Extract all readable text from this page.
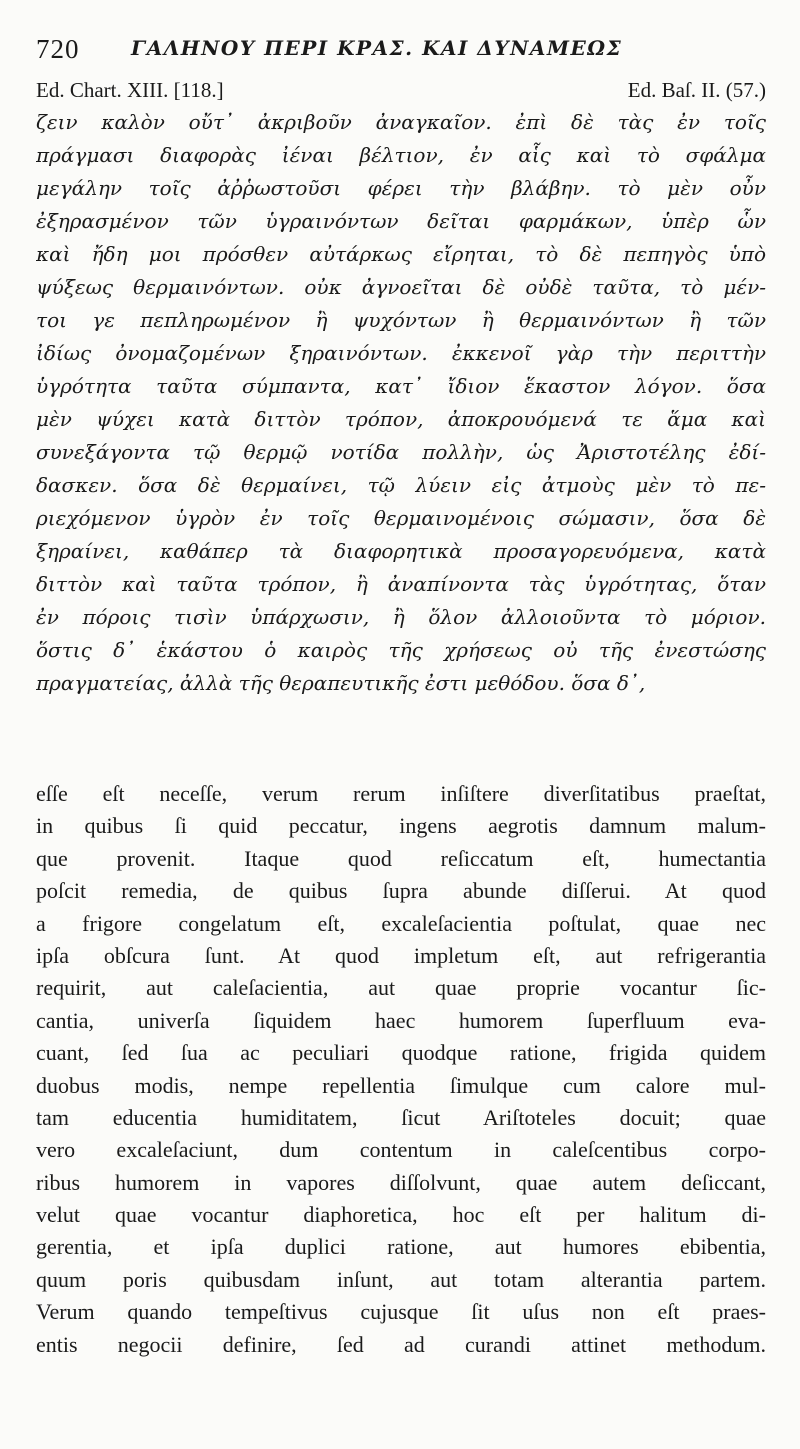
720	ΓΑΛΗΝΟΥ ΠΕΡΙ ΚΡΑΣ. ΚΑΙ ΔΥΝΑΜΕΩΣ
Ed. Chart. XIII. [118.]	Ed. Baſ. II. (57.)
ζειν καλὸν οὔτ᾽ ἀκριβοῦν ἀναγκαῖον. ἐπὶ δὲ τὰς ἐν τοῖς
πράγμασι διαφορὰς ἰέναι βέλτιον, ἐν αἷς καὶ τὸ σφάλμα
μεγάλην τοῖς ἀῤῥωστοῦσι φέρει τὴν βλάβην. τὸ μὲν οὖν
ἐξηρασμένον τῶν ὑγραινόντων δεῖται φαρμάκων, ὑπὲρ ὧν
καὶ ἤδη μοι πρόσθεν αὐτάρκως εἴρηται, τὸ δὲ πεπηγὸς ὑπὸ
ψύξεως θερμαινόντων. οὐκ ἀγνοεῖται δὲ οὐδὲ ταῦτα, τὸ μέν-
τοι γε πεπληρωμένον ἢ ψυχόντων ἢ θερμαινόντων ἢ τῶν
ἰδίως ὀνομαζομένων ξηραινόντων. ἐκκενοῖ γὰρ τὴν περιττὴν
ὑγρότητα ταῦτα σύμπαντα, κατ᾽ ἴδιον ἕκαστον λόγον. ὅσα
μὲν ψύχει κατὰ διττὸν τρόπον, ἀποκρουόμενά τε ἅμα καὶ
συνεξάγοντα τῷ θερμῷ νοτίδα πολλὴν, ὡς Ἀριστοτέλης ἐδί-
δασκεν. ὅσα δὲ θερμαίνει, τῷ λύειν εἰς ἀτμοὺς μὲν τὸ πε-
ριεχόμενον ὑγρὸν ἐν τοῖς θερμαινομένοις σώμασιν, ὅσα δὲ
ξηραίνει, καθάπερ τὰ διαφορητικὰ προσαγορευόμενα, κατὰ
διττὸν καὶ ταῦτα τρόπον, ἢ ἀναπίνοντα τὰς ὑγρότητας, ὅταν
ἐν πόροις τισὶν ὑπάρχωσιν, ἢ ὅλον ἀλλοιοῦντα τὸ μόριον.
ὅστις δ᾽ ἑκάστου ὁ καιρὸς τῆς χρήσεως οὐ τῆς ἐνεστώσης
πραγματείας, ἀλλὰ τῆς θεραπευτικῆς ἐστι μεθόδου. ὅσα δ᾽,
eſſe eſt neceſſe, verum rerum inſiſtere diverſitatibus praeſtat,
in quibus ſi quid peccatur, ingens aegrotis damnum malum-
que provenit. Itaque quod reſiccatum eſt, humectantia
poſcit remedia, de quibus ſupra abunde diſſerui. At quod
a frigore congelatum eſt, excaleſacientia poſtulat, quae nec
ipſa obſcura ſunt. At quod impletum eſt, aut refrigerantia
requirit, aut caleſacientia, aut quae proprie vocantur ſic-
cantia, univerſa ſiquidem haec humorem ſuperfluum eva-
cuant, ſed ſua ac peculiari quodque ratione, frigida quidem
duobus modis, nempe repellentia ſimulque cum calore mul-
tam educentia humiditatem, ſicut Ariſtoteles docuit; quae
vero excaleſaciunt, dum contentum in caleſcentibus corpo-
ribus humorem in vapores diſſolvunt, quae autem deſiccant,
velut quae vocantur diaphoretica, hoc eſt per halitum di-
gerentia, et ipſa duplici ratione, aut humores ebibentia,
quum poris quibusdam inſunt, aut totam alterantia partem.
Verum quando tempeſtivus cujusque ſit uſus non eſt praes-
entis negocii definire, ſed ad curandi attinet methodum.
